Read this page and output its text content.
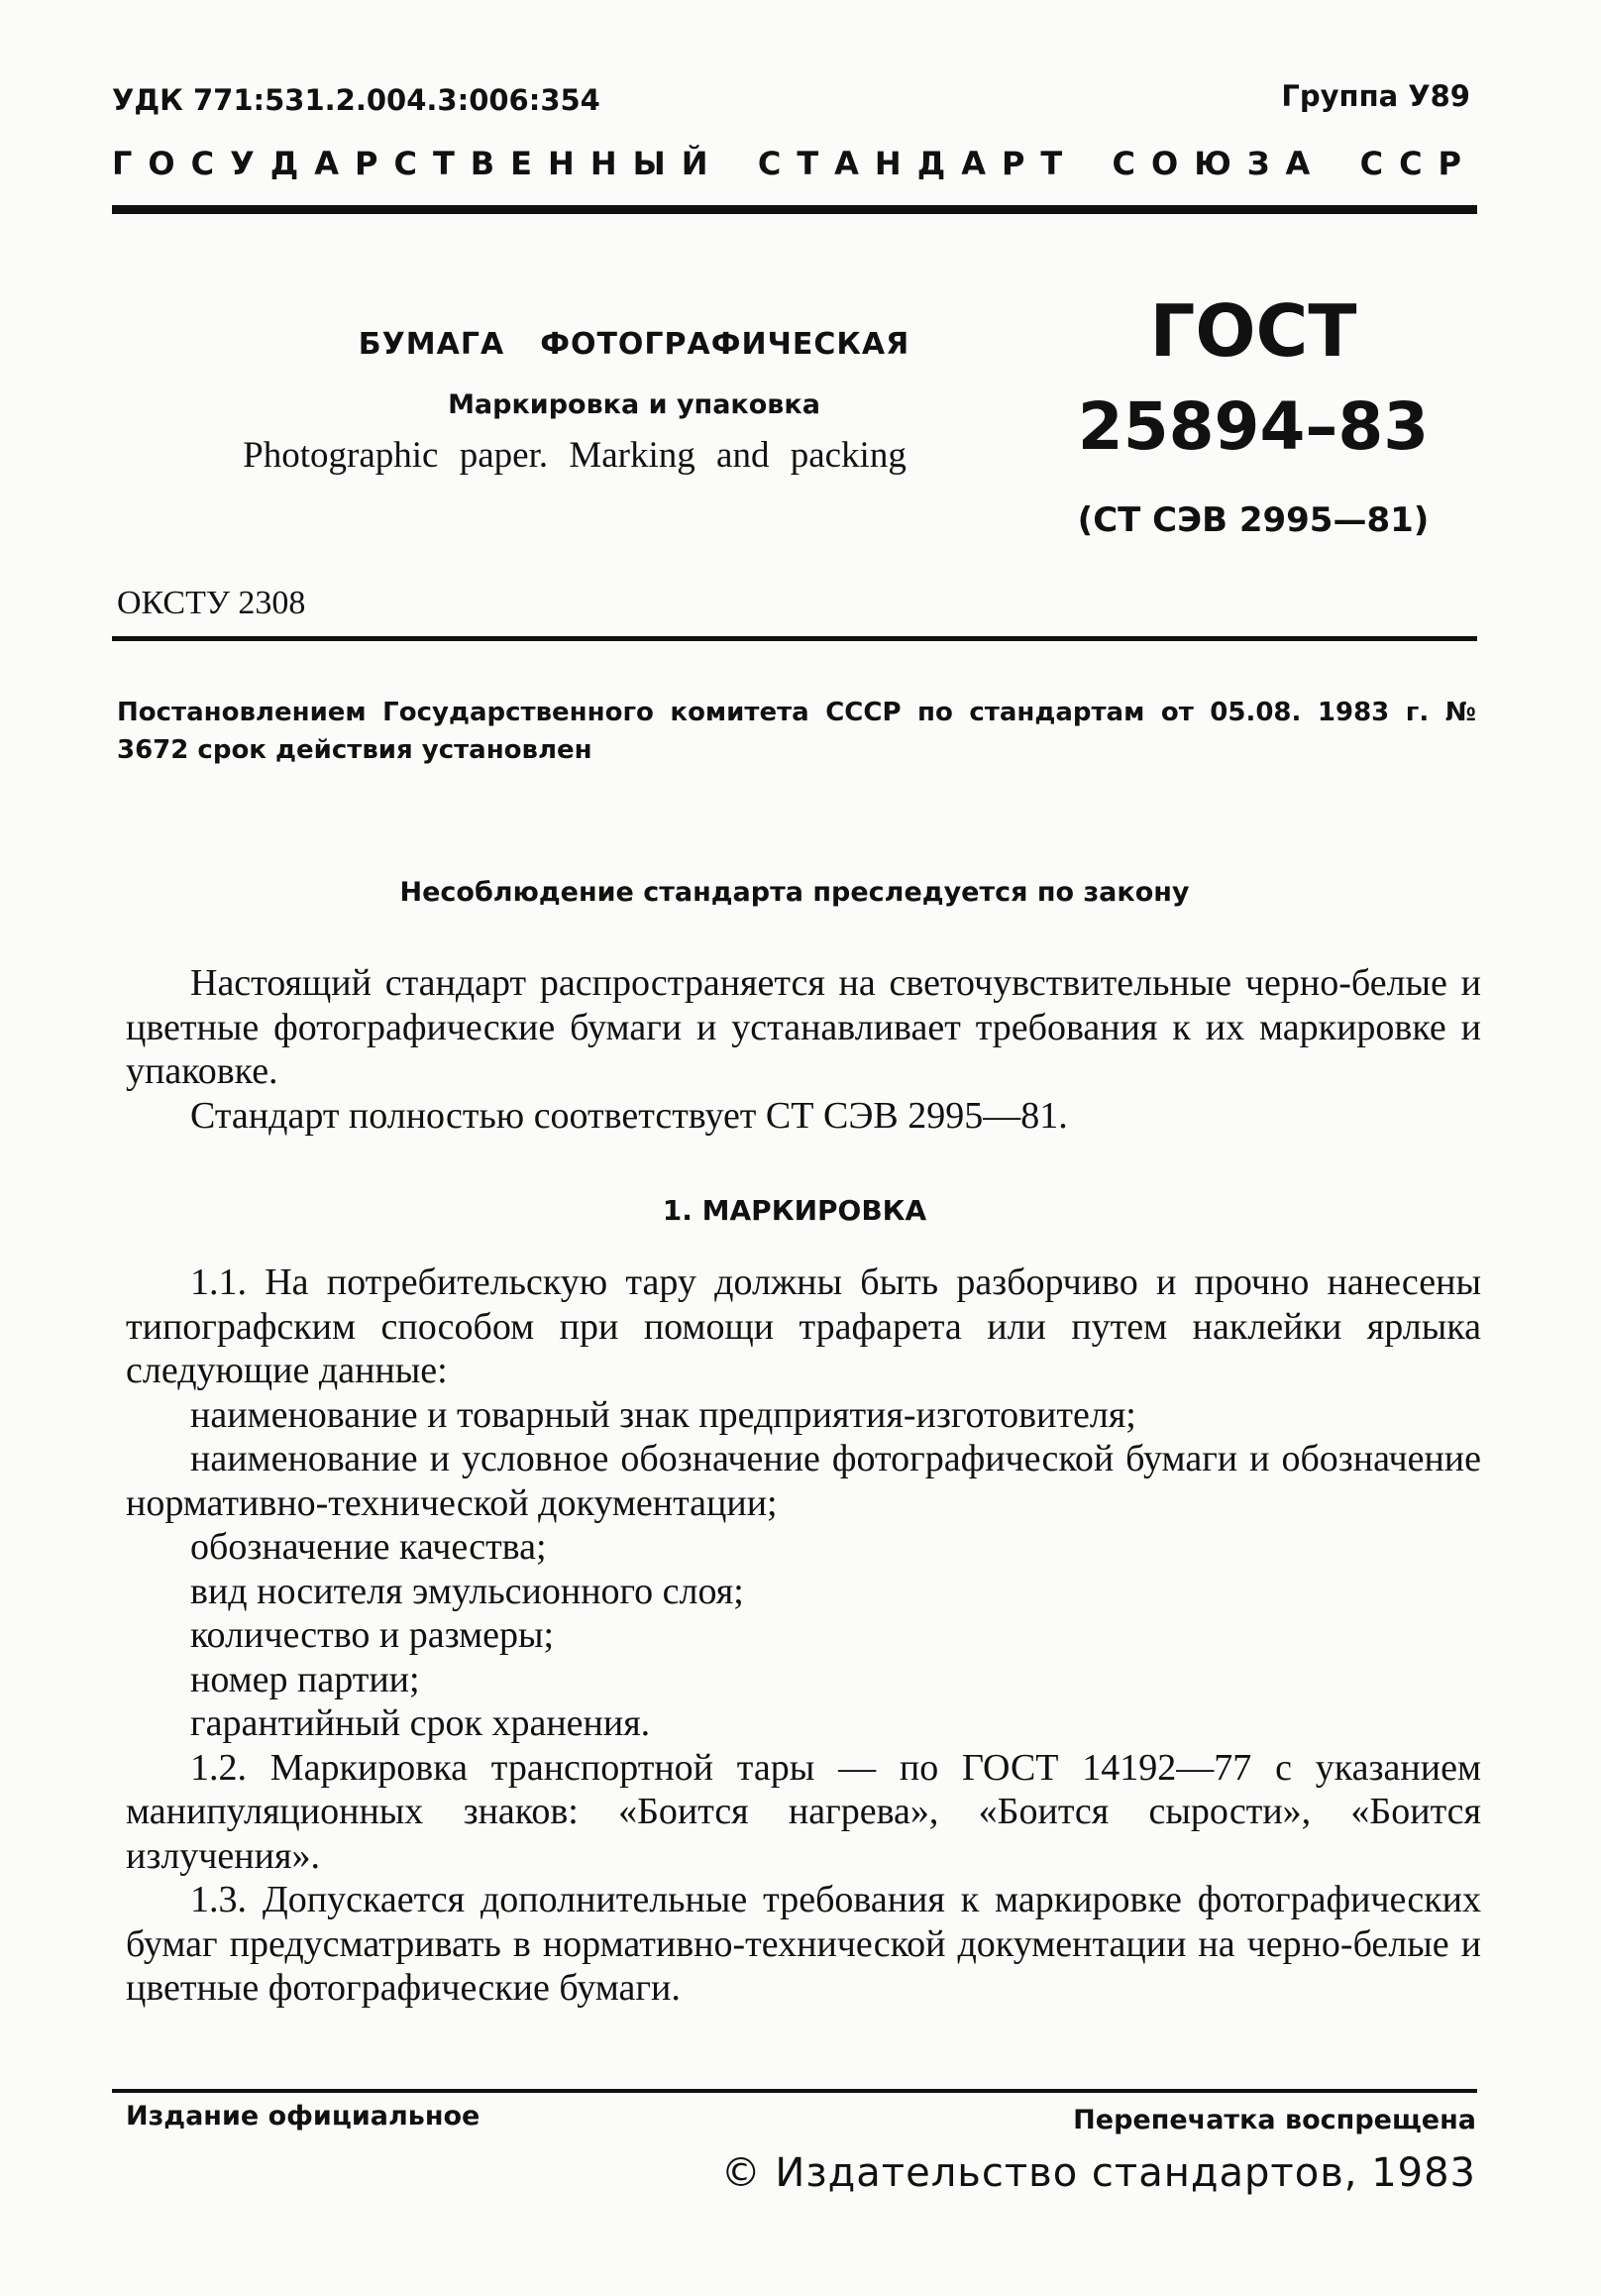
УДК 771:531.2.004.3:006:354	Группа У89
ГОСУДАРСТВЕННЫЙ СТАНДАРТ СОЮЗА ССР
БУМАГА ФОТОГРАФИЧЕСКАЯ
Маркировка и упаковка
Photographic paper. Marking and packing
ГОСТ
25894–83
(СТ СЭВ 2995—81)
ОКСТУ 2308
Постановлением Государственного комитета СССР по стандартам от 05.08. 1983 г. № 3672 срок действия установлен
Несоблюдение стандарта преследуется по закону

Настоящий стандарт распространяется на светочувствительные черно-белые и цветные фотографические бумаги и устанавливает требования к их маркировке и упаковке.

Стандарт полностью соответствует СТ СЭВ 2995—81.

1. МАРКИРОВКА

1.1. На потребительскую тару должны быть разборчиво и прочно нанесены типографским способом при помощи трафарета или путем наклейки ярлыка следующие данные:

наименование и товарный знак предприятия-изготовителя;

наименование и условное обозначение фотографической бумаги и обозначение нормативно-технической документации;

обозначение качества;

вид носителя эмульсионного слоя;

количество и размеры;

номер партии;

гарантийный срок хранения.

1.2. Маркировка транспортной тары — по ГОСТ 14192—77 с указанием манипуляционных знаков: «Боится нагрева», «Боится сырости», «Боится излучения».

1.3. Допускается дополнительные требования к маркировке фотографических бумаг предусматривать в нормативно-технической документации на черно-белые и цветные фотографические бумаги.

Издание официальное	Перепечатка воспрещена
© Издательство стандартов, 1983
